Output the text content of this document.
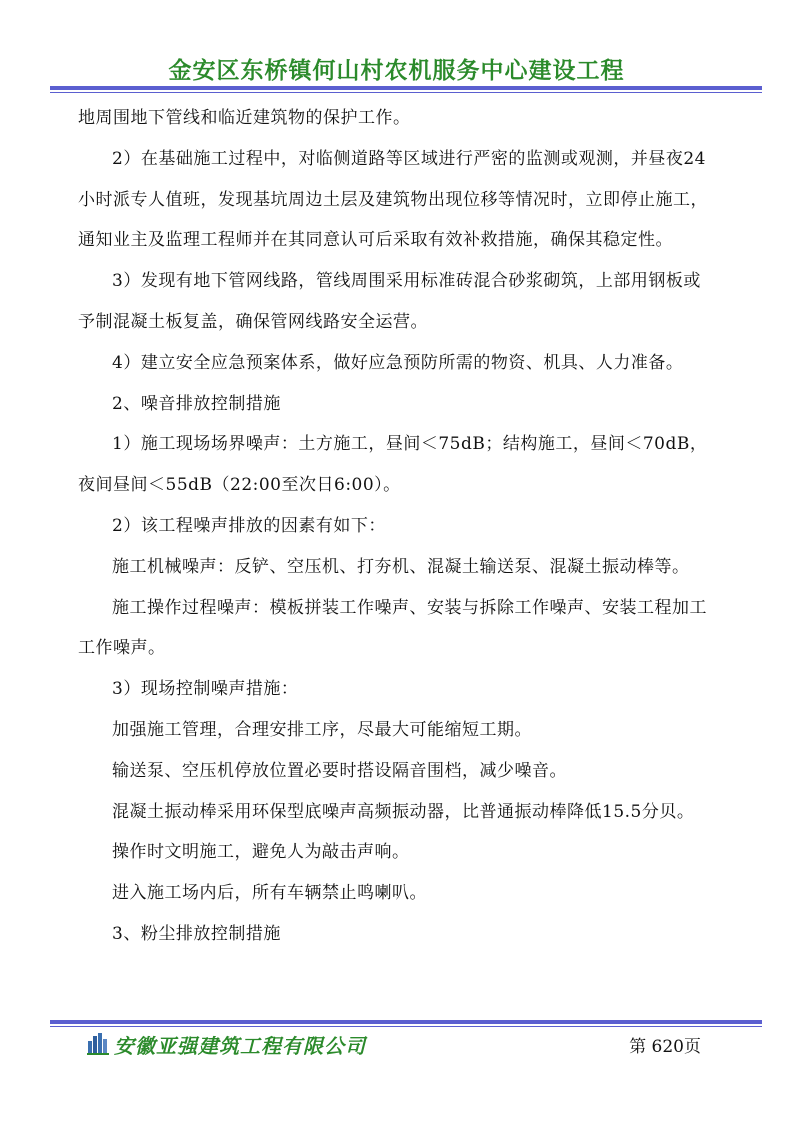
金安区东桥镇何山村农机服务中心建设工程

地周围地下管线和临近建筑物的保护工作。

2）在基础施工过程中，对临侧道路等区域进行严密的监测或观测，并昼夜24小时派专人值班，发现基坑周边土层及建筑物出现位移等情况时，立即停止施工，通知业主及监理工程师并在其同意认可后采取有效补救措施，确保其稳定性。

3）发现有地下管网线路，管线周围采用标准砖混合砂浆砌筑，上部用钢板或予制混凝土板复盖，确保管网线路安全运营。

4）建立安全应急预案体系，做好应急预防所需的物资、机具、人力准备。

2、噪音排放控制措施

1）施工现场场界噪声：土方施工，昼间＜75dB；结构施工，昼间＜70dB，夜间昼间＜55dB（22:00至次日6:00）。

2）该工程噪声排放的因素有如下：

施工机械噪声：反铲、空压机、打夯机、混凝土输送泵、混凝土振动棒等。

施工操作过程噪声：模板拼装工作噪声、安装与拆除工作噪声、安装工程加工工作噪声。

3）现场控制噪声措施：

加强施工管理，合理安排工序，尽最大可能缩短工期。

输送泵、空压机停放位置必要时搭设隔音围档，减少噪音。

混凝土振动棒采用环保型底噪声高频振动器，比普通振动棒降低15.5分贝。

操作时文明施工，避免人为敲击声响。

进入施工场内后，所有车辆禁止鸣喇叭。

3、粉尘排放控制措施

安徽亚强建筑工程有限公司	第 620页
